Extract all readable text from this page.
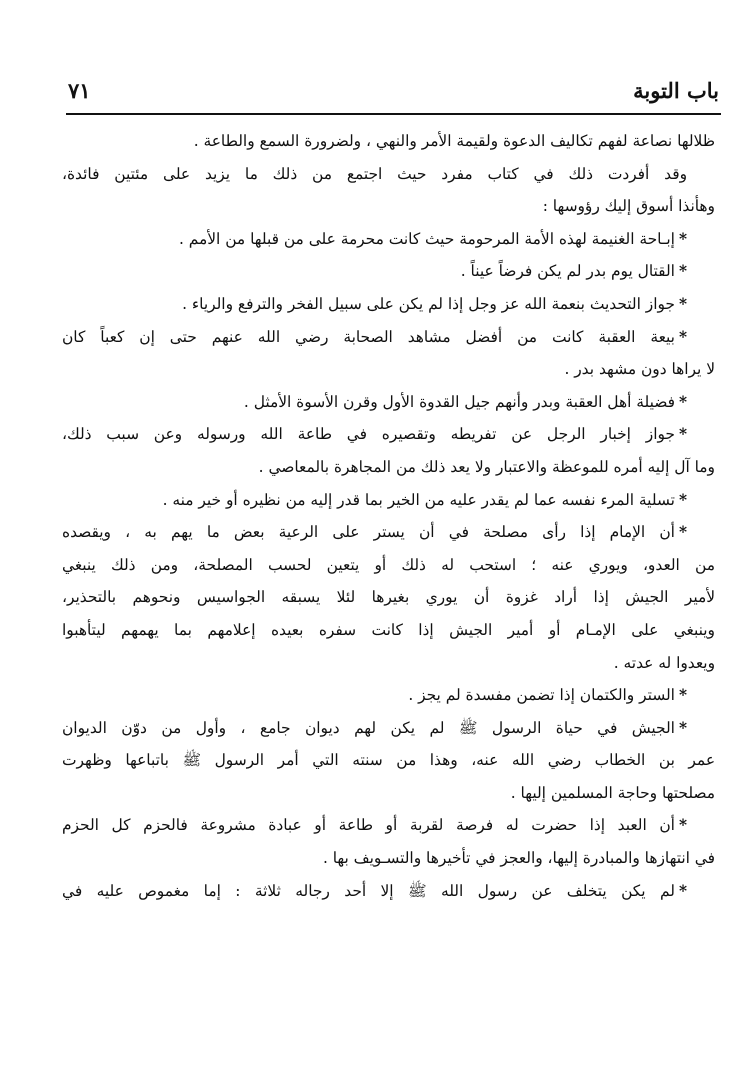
باب التوبة
٧١
ظلالها نصاعة لفهم تكاليف الدعوة ولقيمة الأمر والنهي ، ولضرورة السمع والطاعة .
وقد أفردت ذلك في كتاب مفرد حيث اجتمع من ذلك ما يزيد على مئتين فائدة،
وهأنذا أسوق إليك رؤوسها :
*إبـاحة الغنيمة لهذه الأمة المرحومة حيث كانت محرمة على من قبلها من الأمم .
*القتال يوم بدر لم يكن فرضاً عيناً .
*جواز التحديث بنعمة الله عز وجل إذا لم يكن على سبيل الفخر والترفع والرياء .
*بيعة العقبة كانت من أفضل مشاهد الصحابة رضي الله عنهم حتى إن كعباً كان
لا يراها دون مشهد بدر .
*فضيلة أهل العقبة وبدر وأنهم جيل القدوة الأول وقرن الأسوة الأمثل .
*جواز إخبار الرجل عن تفريطه وتقصيره في طاعة الله ورسوله وعن سبب ذلك،
وما آل إليه أمره للموعظة والاعتبار ولا يعد ذلك من المجاهرة بالمعاصي .
*تسلية المرء نفسه عما لم يقدر عليه من الخير بما قدر إليه من نظيره أو خير منه .
*أن الإمام إذا رأى مصلحة في أن يستر على الرعية بعض ما يهم به ، ويقصده
من العدو، ويوري عنه ؛ استحب له ذلك أو يتعين لحسب المصلحة، ومن ذلك ينبغي
لأمير الجيش إذا أراد غزوة أن يوري بغيرها لئلا يسبقه الجواسيس ونحوهم بالتحذير،
وينبغي على الإمـام أو أمير الجيش إذا كانت سفره بعيده إعلامهم بما يهمهم ليتأهبوا
ويعدوا له عدته .
*الستر والكتمان إذا تضمن مفسدة لم يجز .
*الجيش في حياة الرسول ﷺ لم يكن لهم ديوان جامع ، وأول من دوّن الديوان
عمر بن الخطاب رضي الله عنه، وهذا من سنته التي أمر الرسول ﷺ باتباعها وظهرت
مصلحتها وحاجة المسلمين إليها .
*أن العبد إذا حضرت له فرصة لقربة أو طاعة أو عبادة مشروعة فالحزم كل الحزم
في انتهازها والمبادرة إليها، والعجز في تأخيرها والتسـويف بها .
*لم يكن يتخلف عن رسول الله ﷺ إلا أحد رجاله ثلاثة : إما مغموص عليه في
